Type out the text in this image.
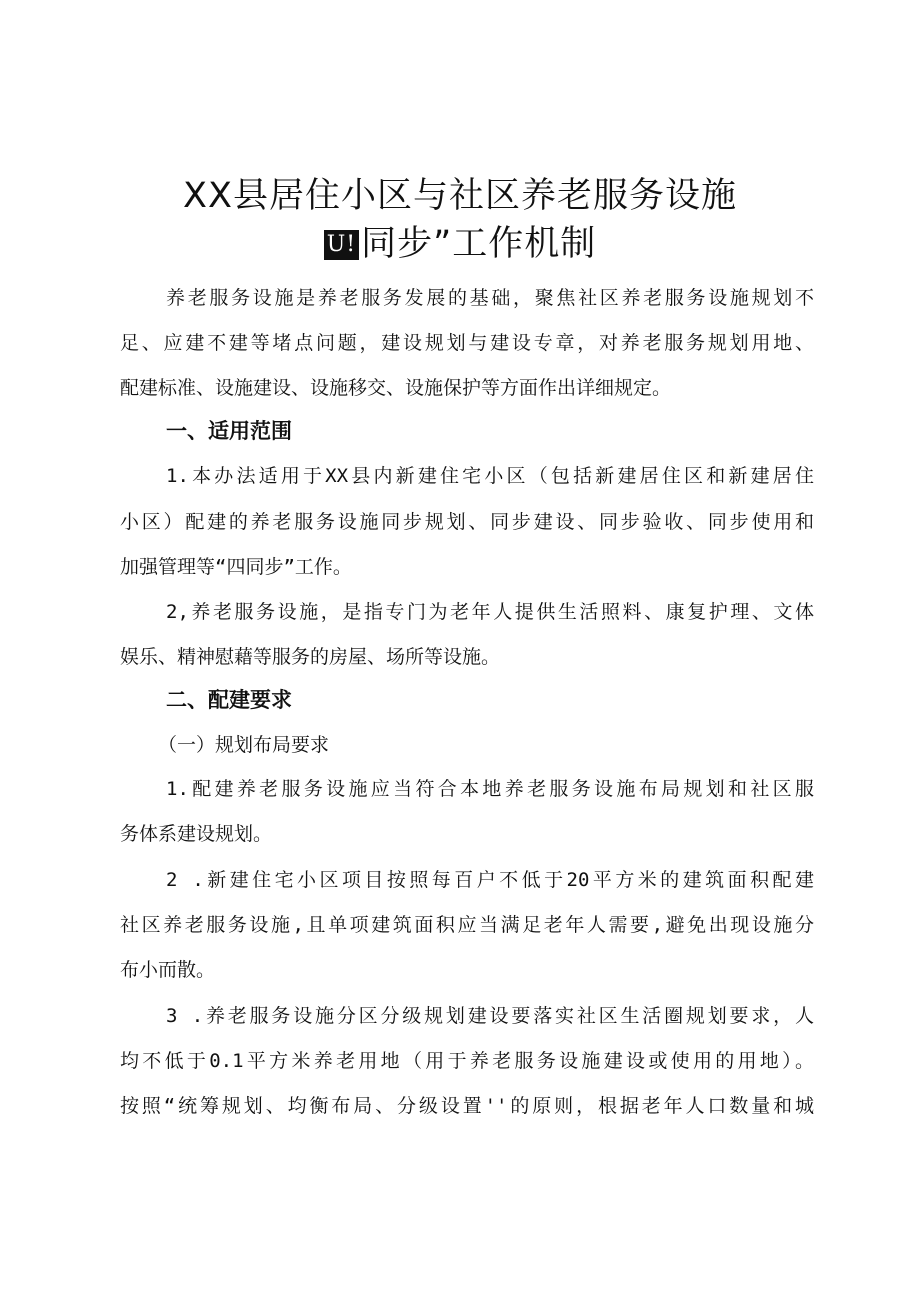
XX县居住小区与社区养老服务设施
U! 同步”工作机制
养老服务设施是养老服务发展的基础，聚焦社区养老服务设施规划不
足、应建不建等堵点问题，建设规划与建设专章，对养老服务规划用地、
配建标准、设施建设、设施移交、设施保护等方面作出详细规定。
一、适用范围
1.本办法适用于XX县内新建住宅小区（包括新建居住区和新建居住
小区）配建的养老服务设施同步规划、同步建设、同步验收、同步使用和
加强管理等“四同步”工作。
2,养老服务设施，是指专门为老年人提供生活照料、康复护理、文体
娱乐、精神慰藉等服务的房屋、场所等设施。
二、配建要求
（一）规划布局要求
1.配建养老服务设施应当符合本地养老服务设施布局规划和社区服
务体系建设规划。
2 .新建住宅小区项目按照每百户不低于20平方米的建筑面积配建
社区养老服务设施,且单项建筑面积应当满足老年人需要,避免出现设施分
布小而散。
3 .养老服务设施分区分级规划建设要落实社区生活圈规划要求，人
均不低于0.1平方米养老用地（用于养老服务设施建设或使用的用地）。
按照“统筹规划、均衡布局、分级设置''的原则，根据老年人口数量和城
